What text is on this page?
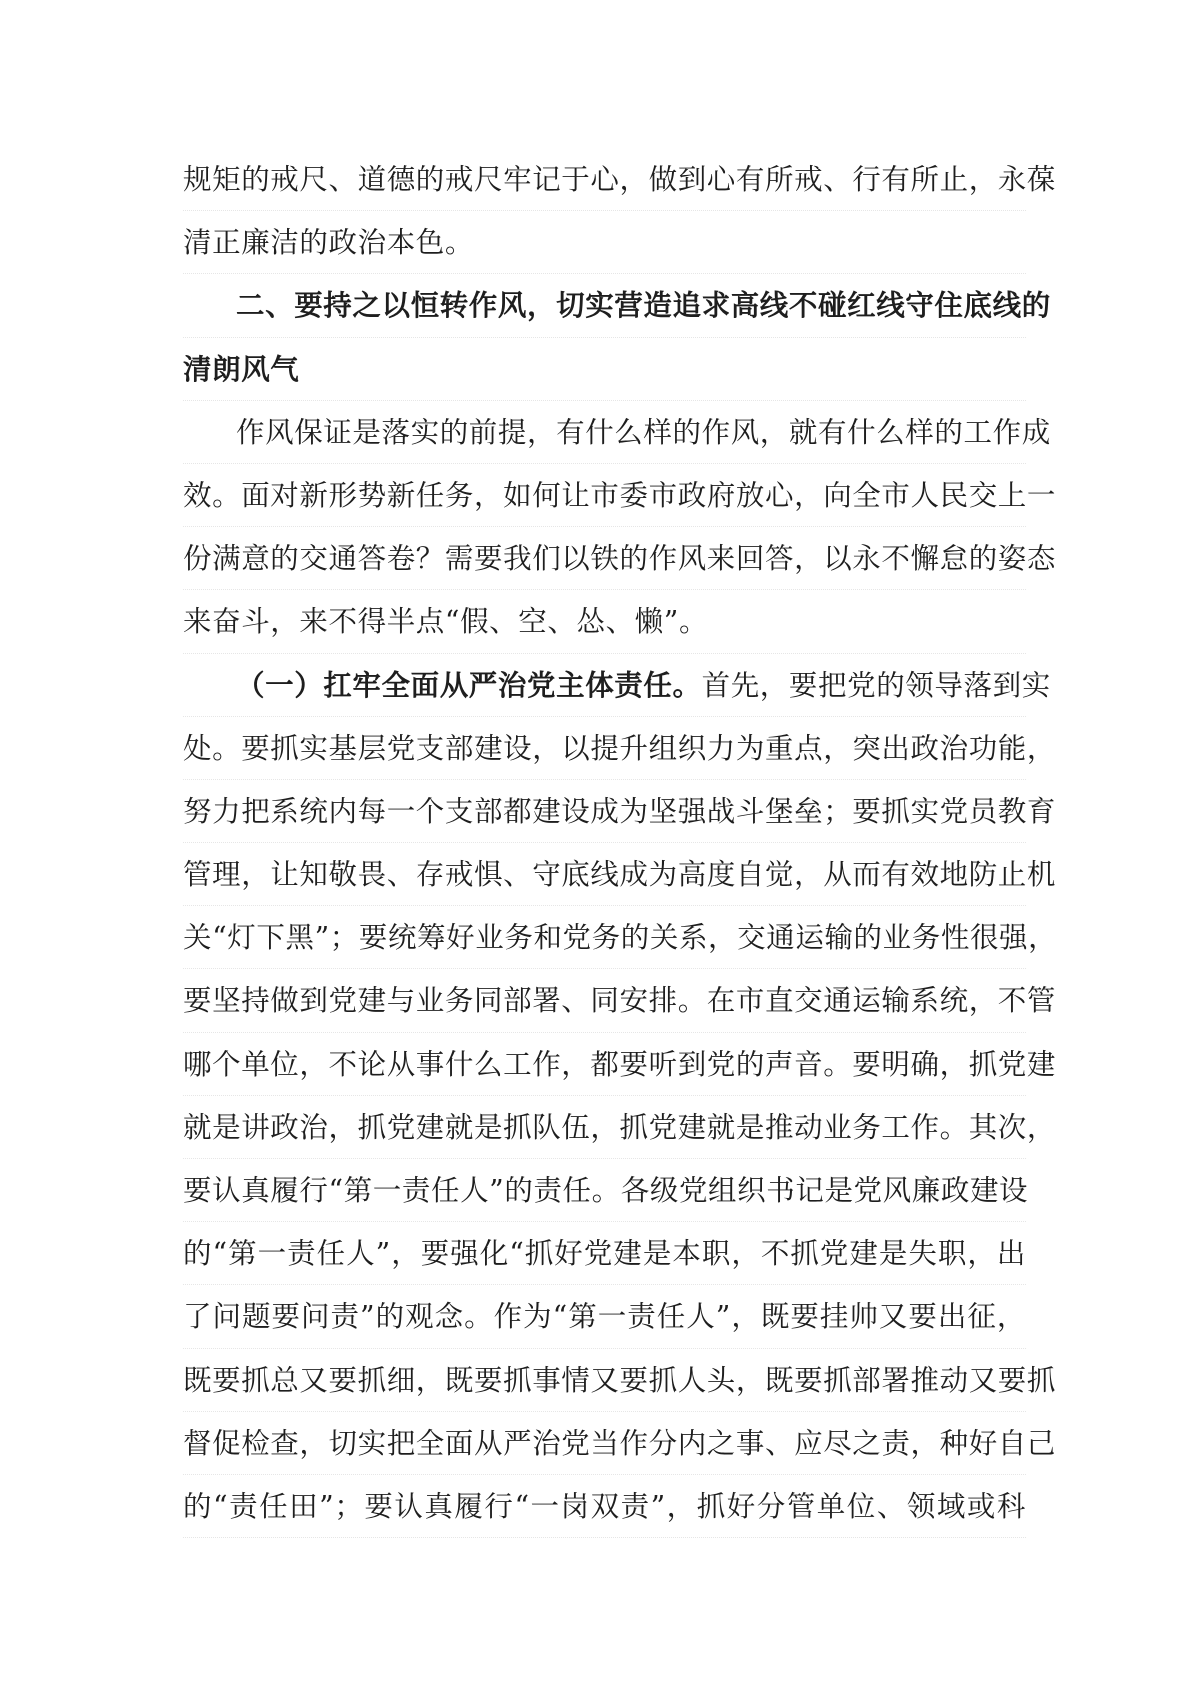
规矩的戒尺、道德的戒尺牢记于心，做到心有所戒、行有所止，永葆
清正廉洁的政治本色。
二、要持之以恒转作风，切实营造追求高线不碰红线守住底线的
清朗风气
作风保证是落实的前提，有什么样的作风，就有什么样的工作成
效。面对新形势新任务，如何让市委市政府放心，向全市人民交上一
份满意的交通答卷？需要我们以铁的作风来回答，以永不懈怠的姿态
来奋斗，来不得半点“假、空、怂、懒”。
（一）扛牢全面从严治党主体责任。首先，要把党的领导落到实
处。要抓实基层党支部建设，以提升组织力为重点，突出政治功能，
努力把系统内每一个支部都建设成为坚强战斗堡垒；要抓实党员教育
管理，让知敬畏、存戒惧、守底线成为高度自觉，从而有效地防止机
关“灯下黑”；要统筹好业务和党务的关系，交通运输的业务性很强，
要坚持做到党建与业务同部署、同安排。在市直交通运输系统，不管
哪个单位，不论从事什么工作，都要听到党的声音。要明确，抓党建
就是讲政治，抓党建就是抓队伍，抓党建就是推动业务工作。其次，
要认真履行“第一责任人”的责任。各级党组织书记是党风廉政建设
的“第一责任人”，要强化“抓好党建是本职，不抓党建是失职，出
了问题要问责”的观念。作为“第一责任人”，既要挂帅又要出征，
既要抓总又要抓细，既要抓事情又要抓人头，既要抓部署推动又要抓
督促检查，切实把全面从严治党当作分内之事、应尽之责，种好自己
的“责任田”；要认真履行“一岗双责”，抓好分管单位、领域或科
